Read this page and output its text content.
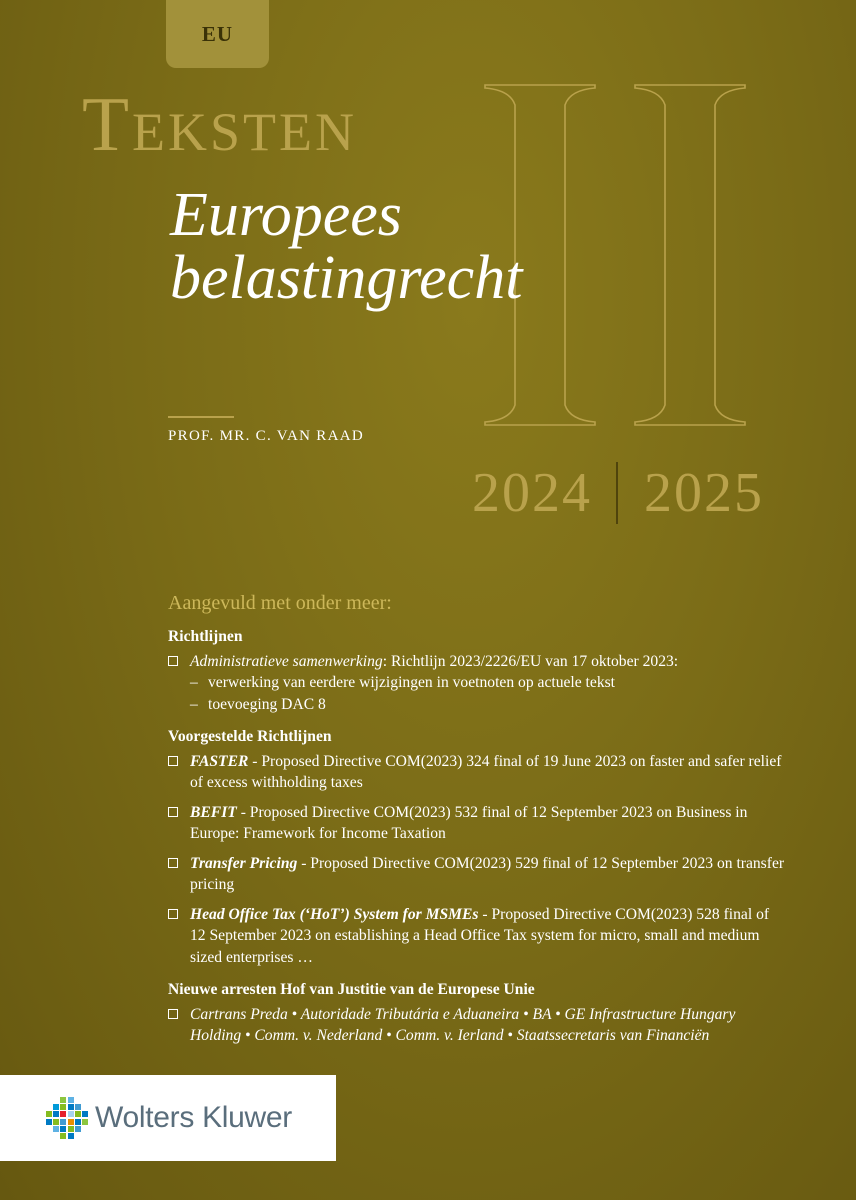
EU
II
Teksten
Europees
belastingrecht
PROF. MR. C. VAN RAAD
2024 2025
Aangevuld met onder meer:
Richtlijnen
Administratieve samenwerking: Richtlijn 2023/2226/EU van 17 oktober 2023:
– verwerking van eerdere wijzigingen in voetnoten op actuele tekst
– toevoeging DAC 8
Voorgestelde Richtlijnen
FASTER - Proposed Directive COM(2023) 324 final of 19 June 2023 on faster and safer relief of excess withholding taxes
BEFIT - Proposed Directive COM(2023) 532 final of 12 September 2023 on Business in Europe: Framework for Income Taxation
Transfer Pricing - Proposed Directive COM(2023) 529 final of 12 September 2023 on transfer pricing
Head Office Tax (‘HoT’) System for MSMEs - Proposed Directive COM(2023) 528 final of 12 September 2023 on establishing a Head Office Tax system for micro, small and medium sized enterprises …
Nieuwe arresten Hof van Justitie van de Europese Unie
Cartrans Preda • Autoridade Tributária e Aduaneira • BA • GE Infrastructure Hungary Holding • Comm. v. Nederland • Comm. v. Ierland • Staatssecretaris van Financiën
Wolters Kluwer
